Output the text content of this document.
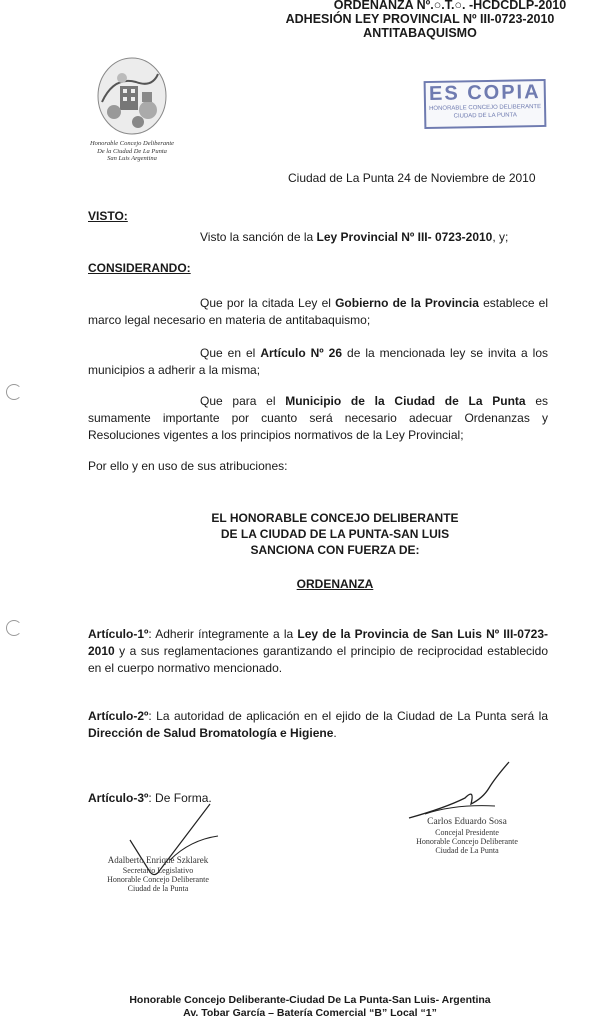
ORDENANZA Nº.○.T.○. -HCDCDLP-2010
ADHESIÓN LEY PROVINCIAL Nº III-0723-2010
ANTITABAQUISMO
Honorable Concejo Deliberante
De la Ciudad De La Punta
San Luis Argentina
ES COPIA
HONORABLE CONCEJO DELIBERANTE
CIUDAD DE LA PUNTA
Ciudad de La Punta 24 de Noviembre de 2010
VISTO:
Visto la sanción de la Ley Provincial Nº III- 0723-2010, y;
CONSIDERANDO:
Que por la citada Ley el Gobierno de la Provincia establece el marco legal necesario en materia de antitabaquismo;
Que en el Artículo Nº 26 de la mencionada ley se invita a los municipios a adherir a la misma;
Que para el Municipio de la Ciudad de La Punta es sumamente importante por cuanto será necesario adecuar Ordenanzas y Resoluciones vigentes a los principios normativos de la Ley Provincial;
Por ello y en uso de sus atribuciones:
EL HONORABLE CONCEJO DELIBERANTE
DE LA CIUDAD DE LA PUNTA-SAN LUIS
SANCIONA CON FUERZA DE:
ORDENANZA
Artículo-1º: Adherir íntegramente a la Ley de la Provincia de San Luis Nº III-0723-2010 y a sus reglamentaciones garantizando el principio de reciprocidad establecido en el cuerpo normativo mencionado.
Artículo-2º: La autoridad de aplicación en el ejido de la Ciudad de La Punta será la Dirección de Salud Bromatología e Higiene.
Artículo-3º: De Forma.
Adalberto Enrique Szklarek
Secretario Legislativo
Honorable Concejo Deliberante
Ciudad de la Punta
Carlos Eduardo Sosa
Concejal Presidente
Honorable Concejo Deliberante
Ciudad de La Punta
Honorable Concejo Deliberante-Ciudad De La Punta-San Luis- Argentina
Av. Tobar García – Batería Comercial “B” Local “1”
